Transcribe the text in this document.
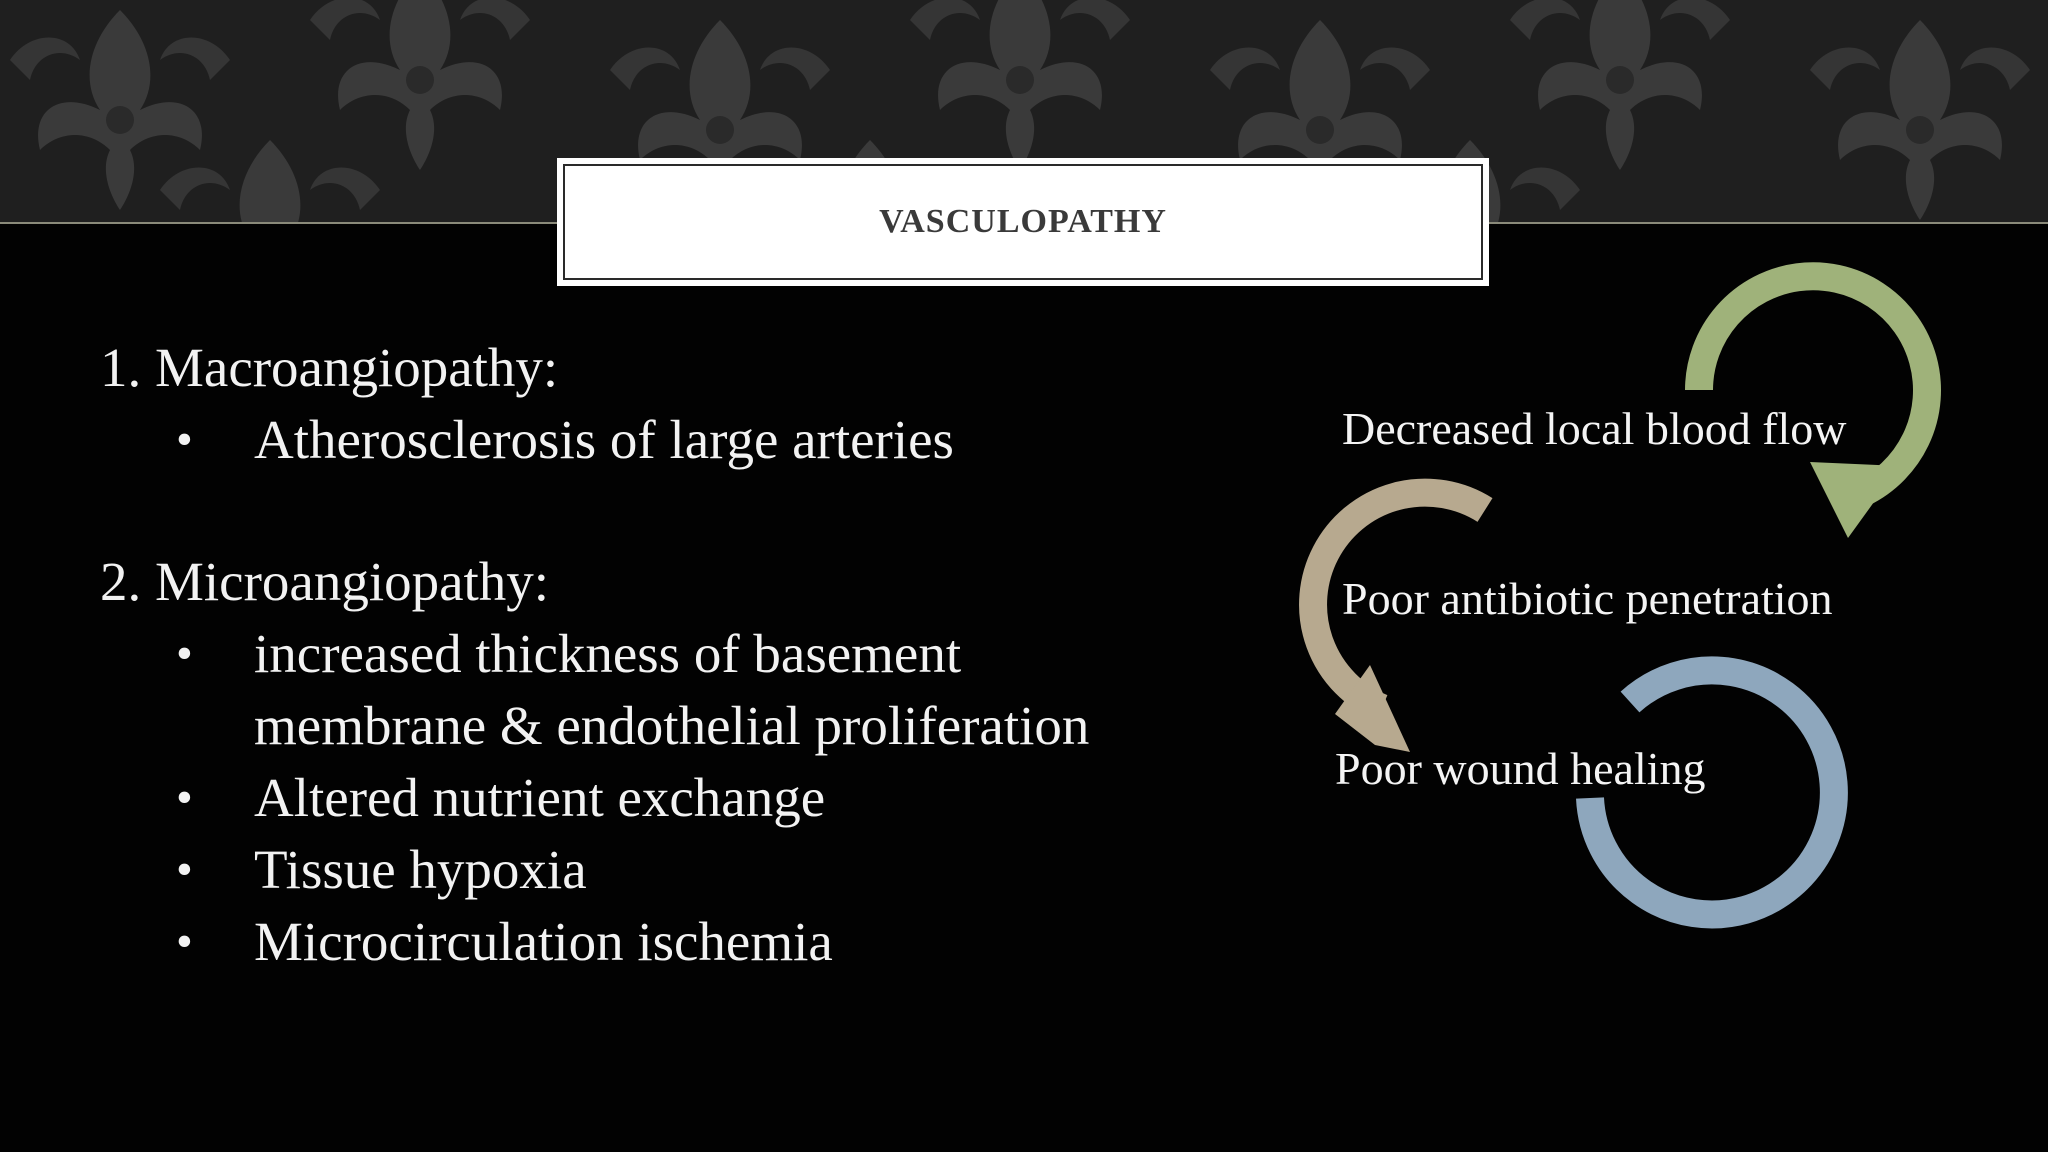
VASCULOPATHY

1. Macroangiopathy:

• Atherosclerosis of large arteries

2. Microangiopathy:

• increased thickness of basement
membrane & endothelial proliferation
• Altered nutrient exchange
• Tissue hypoxia
• Microcirculation ischemia
Decreased local blood flow
Poor antibiotic penetration
Poor wound healing
